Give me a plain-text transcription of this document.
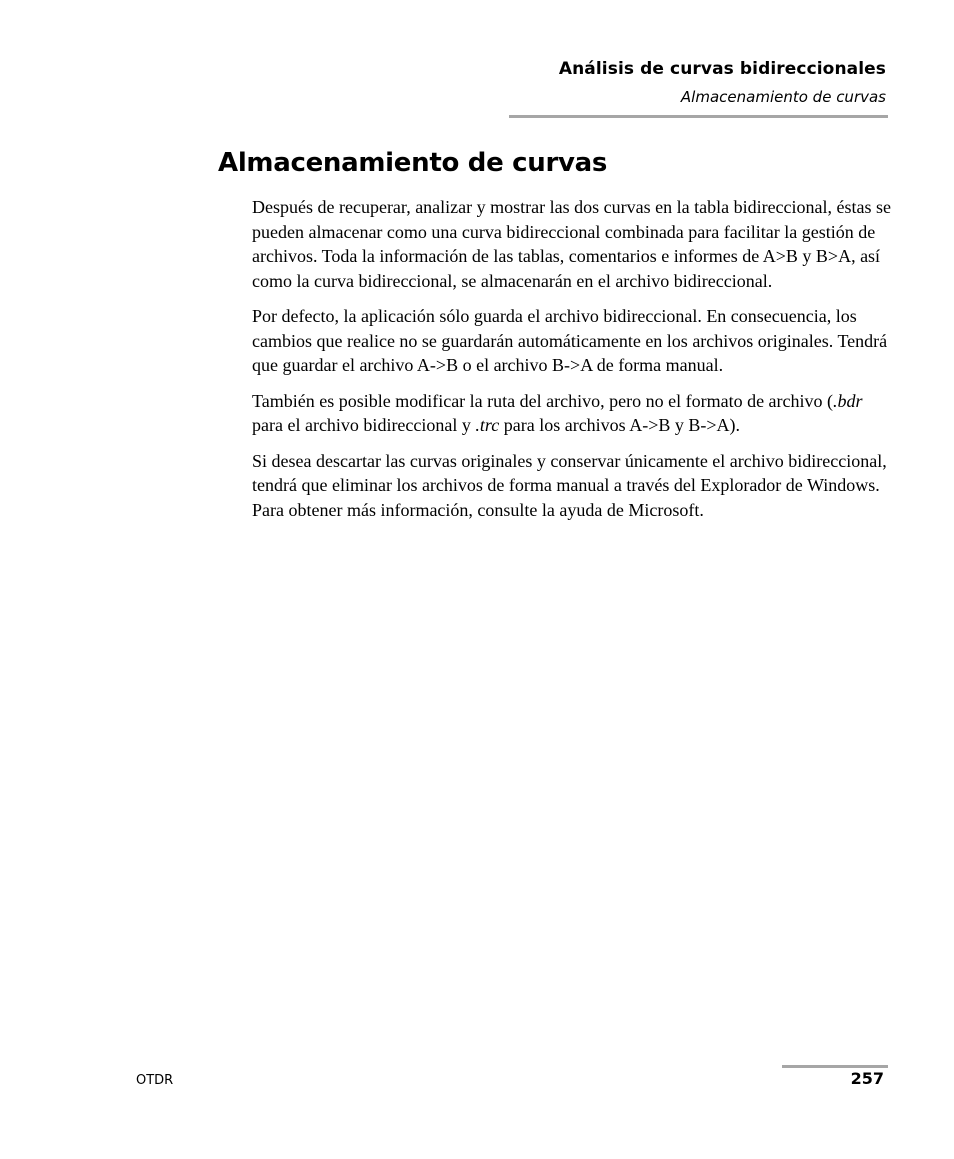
Análisis de curvas bidireccionales
Almacenamiento de curvas
Almacenamiento de curvas

Después de recuperar, analizar y mostrar las dos curvas en la tabla bidireccional, éstas se pueden almacenar como una curva bidireccional combinada para facilitar la gestión de archivos. Toda la información de las tablas, comentarios e informes de A>B y B>A, así como la curva bidireccional, se almacenarán en el archivo bidireccional.

Por defecto, la aplicación sólo guarda el archivo bidireccional. En consecuencia, los cambios que realice no se guardarán automáticamente en los archivos originales. Tendrá que guardar el archivo A->B o el archivo B->A de forma manual.

También es posible modificar la ruta del archivo, pero no el formato de archivo (.bdr para el archivo bidireccional y .trc para los archivos A->B y B->A).

Si desea descartar las curvas originales y conservar únicamente el archivo bidireccional, tendrá que eliminar los archivos de forma manual a través del Explorador de Windows. Para obtener más información, consulte la ayuda de Microsoft.

OTDR	257
